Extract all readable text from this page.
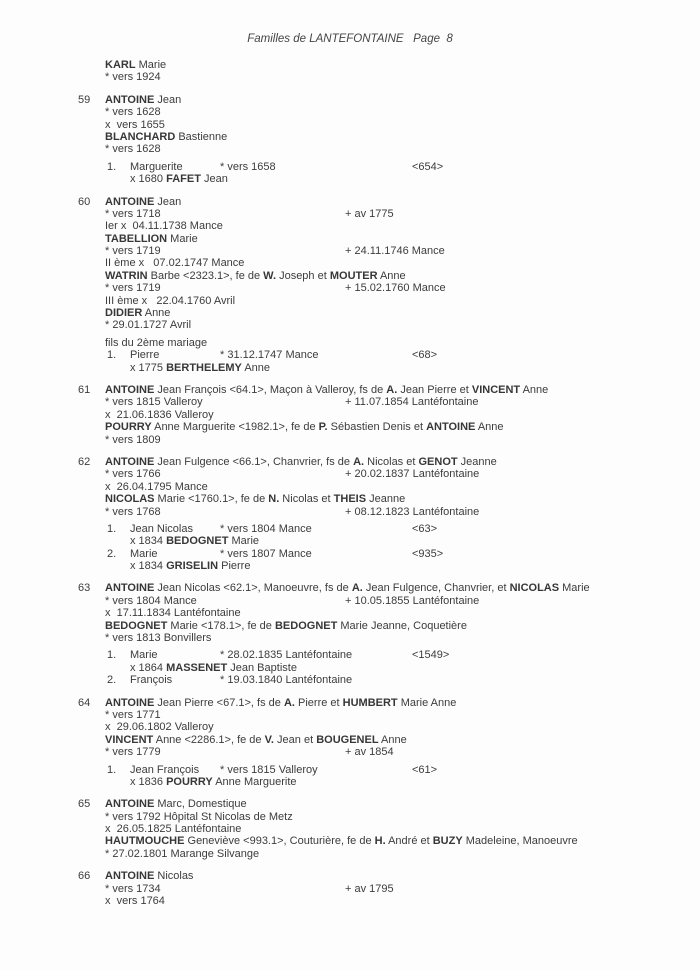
Familles de LANTEFONTAINE   Page  8
KARL Marie
* vers 1924
59 ANTOINE Jean
* vers 1628
x  vers 1655
BLANCHARD Bastienne
* vers 1628
1. Marguerite	* vers 1658	<654>
x 1680 FAFET Jean
60 ANTOINE Jean
* vers 1718	+ av 1775
Ier x  04.11.1738 Mance
TABELLION Marie
* vers 1719	+ 24.11.1746 Mance
II ème x   07.02.1747 Mance
WATRIN Barbe <2323.1>, fe de W. Joseph et MOUTER Anne
* vers 1719	+ 15.02.1760 Mance
III ème x   22.04.1760 Avril
DIDIER Anne
* 29.01.1727 Avril
fils du 2ème mariage
1. Pierre	* 31.12.1747 Mance	<68>
x 1775 BERTHELEMY Anne
61 ANTOINE Jean François <64.1>, Maçon à Valleroy, fs de A. Jean Pierre et VINCENT Anne
* vers 1815 Valleroy	+ 11.07.1854 Lantéfontaine
x  21.06.1836 Valleroy
POURRY Anne Marguerite <1982.1>, fe de P. Sébastien Denis et ANTOINE Anne
* vers 1809
62 ANTOINE Jean Fulgence <66.1>, Chanvrier, fs de A. Nicolas et GENOT Jeanne
* vers 1766	+ 20.02.1837 Lantéfontaine
x  26.04.1795 Mance
NICOLAS Marie <1760.1>, fe de N. Nicolas et THEIS Jeanne
* vers 1768	+ 08.12.1823 Lantéfontaine
1. Jean Nicolas * vers 1804 Mance	<63>
x 1834 BEDOGNET Marie
2. Marie	* vers 1807 Mance	<935>
x 1834 GRISELIN Pierre
63 ANTOINE Jean Nicolas <62.1>, Manoeuvre, fs de A. Jean Fulgence, Chanvrier, et NICOLAS Marie
* vers 1804 Mance	+ 10.05.1855 Lantéfontaine
x  17.11.1834 Lantéfontaine
BEDOGNET Marie <178.1>, fe de BEDOGNET Marie Jeanne, Coquetière
* vers 1813 Bonvillers
1. Marie	* 28.02.1835 Lantéfontaine	<1549>
x 1864 MASSENET Jean Baptiste
2. François	* 19.03.1840 Lantéfontaine
64 ANTOINE Jean Pierre <67.1>, fs de A. Pierre et HUMBERT Marie Anne
* vers 1771
x  29.06.1802 Valleroy
VINCENT Anne <2286.1>, fe de V. Jean et BOUGENEL Anne
* vers 1779	+ av 1854
1. Jean François * vers 1815 Valleroy	<61>
x 1836 POURRY Anne Marguerite
65 ANTOINE Marc, Domestique
* vers 1792 Hôpital St Nicolas de Metz
x  26.05.1825 Lantéfontaine
HAUTMOUCHE Geneviève <993.1>, Couturière, fe de H. André et BUZY Madeleine, Manoeuvre
* 27.02.1801 Marange Silvange
66 ANTOINE Nicolas
* vers 1734	+ av 1795
x  vers 1764
